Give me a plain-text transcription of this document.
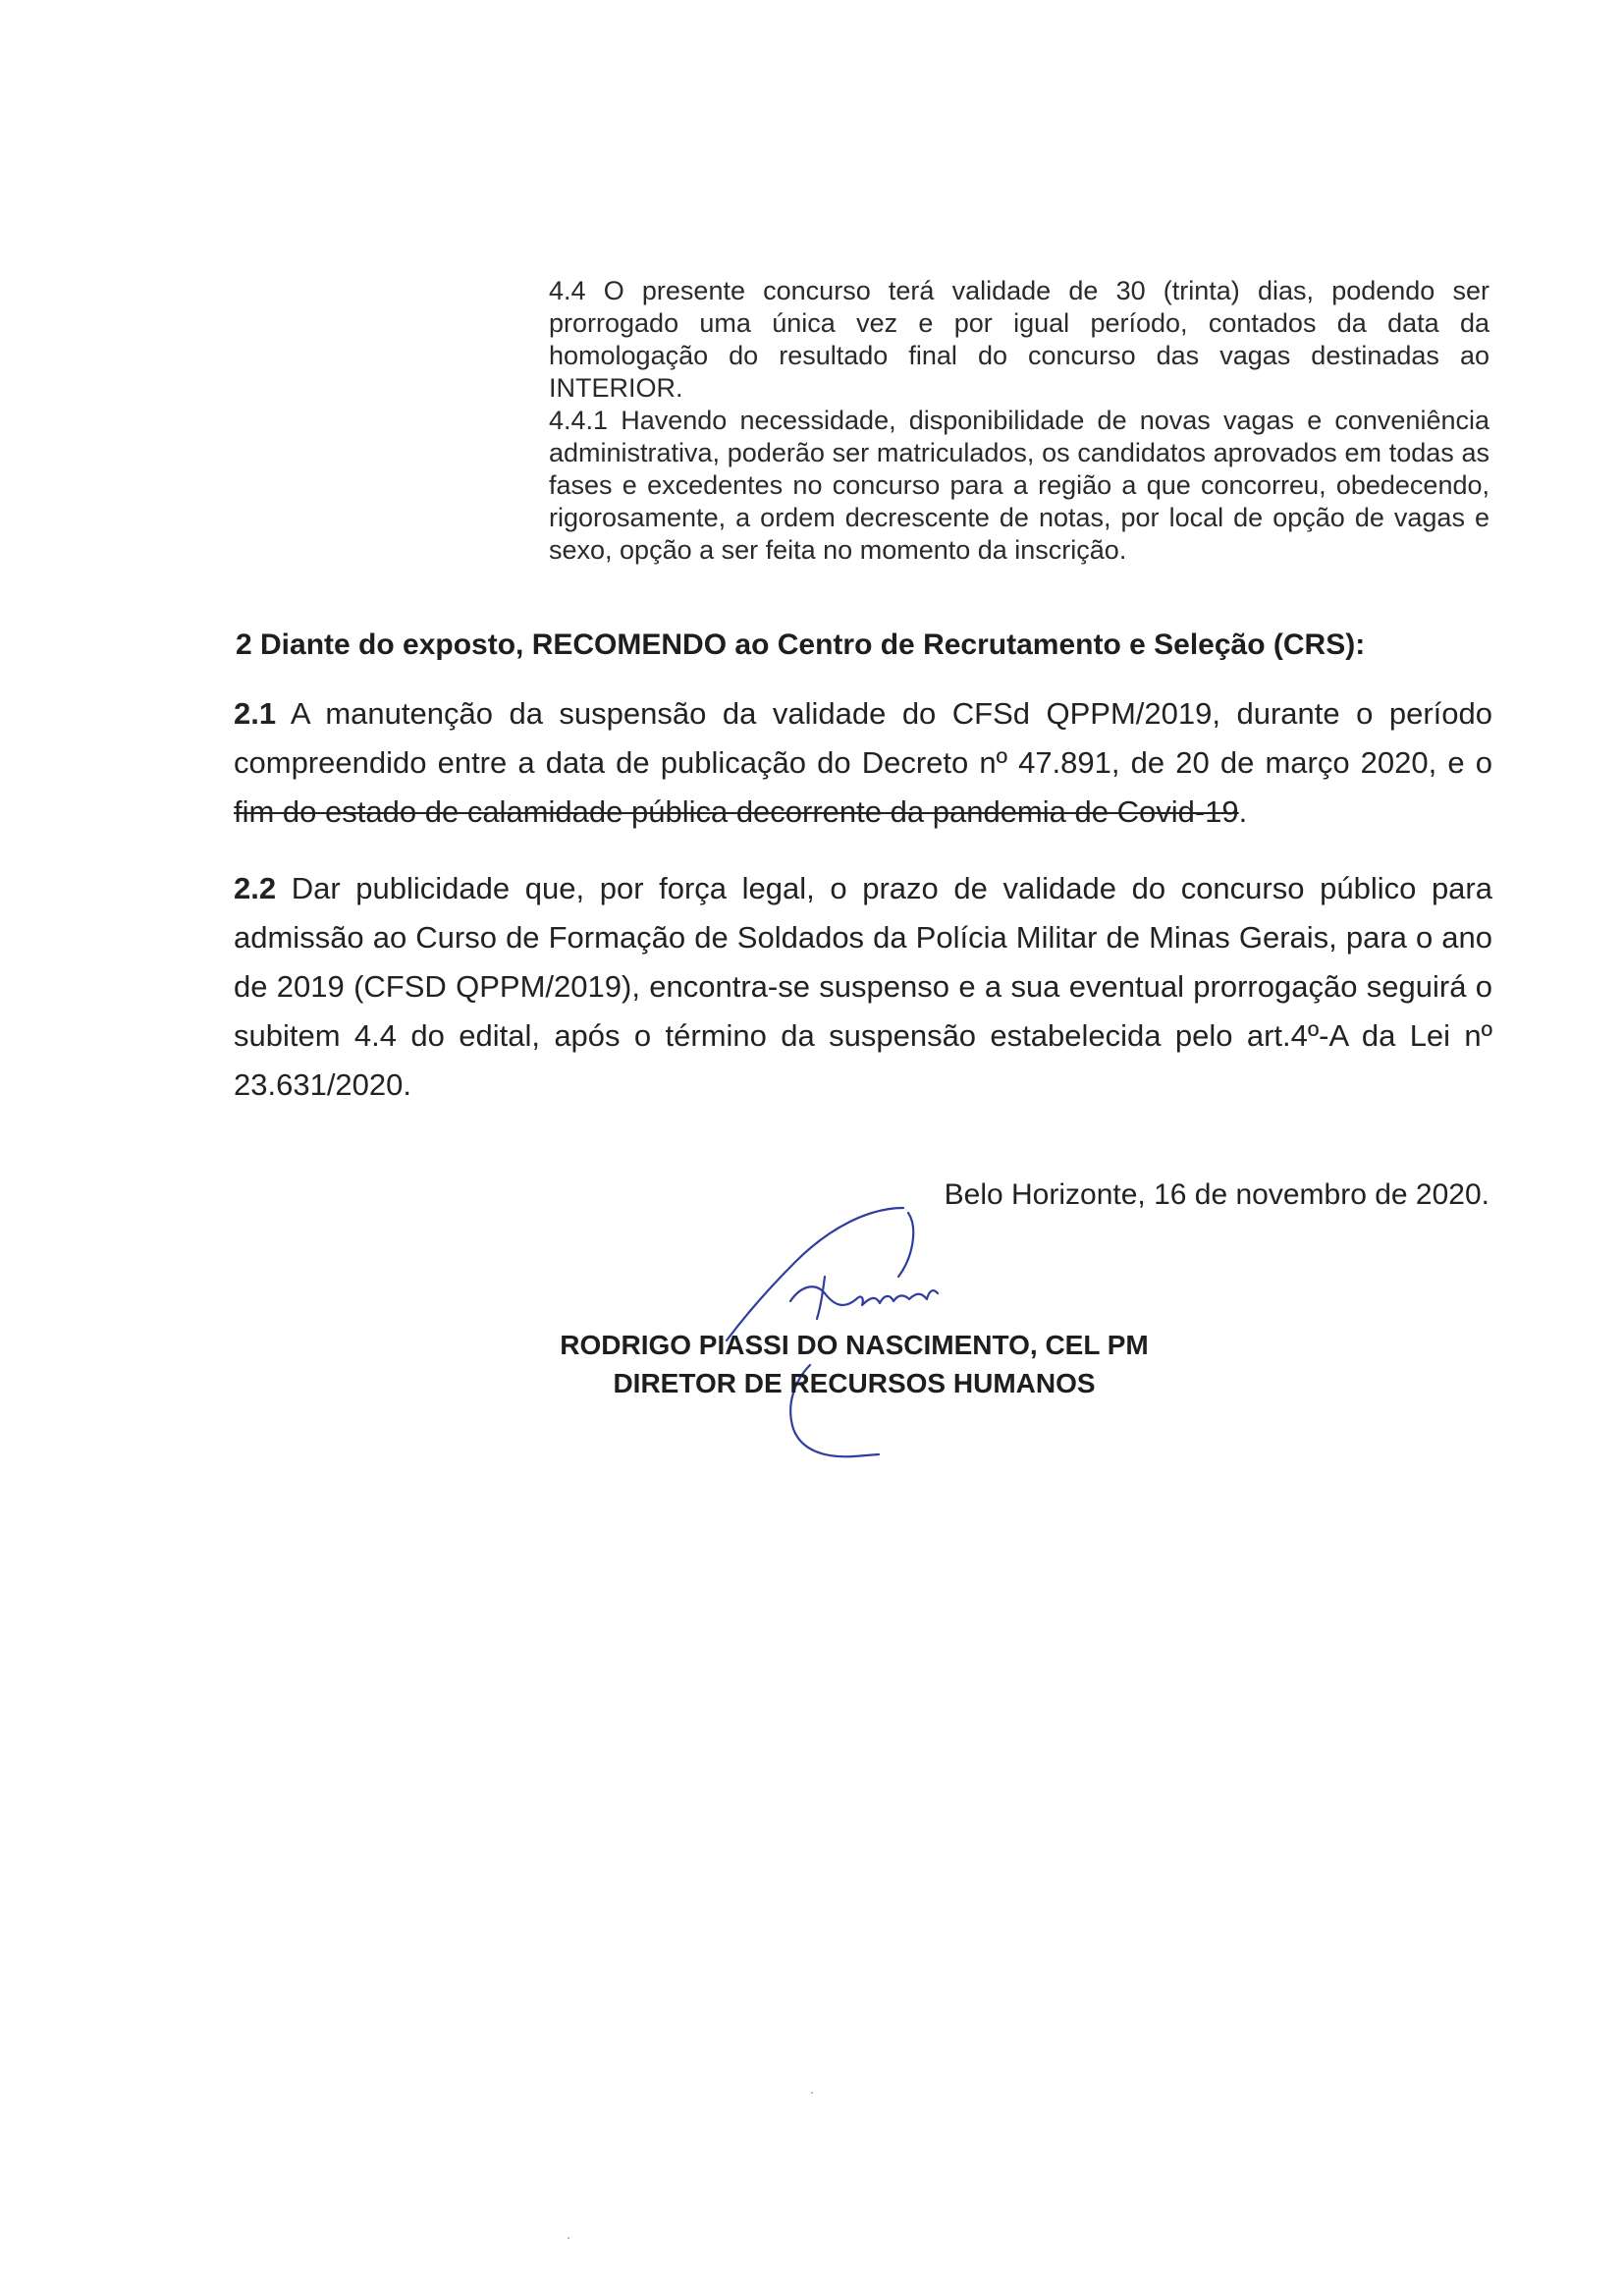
4.4 O presente concurso terá validade de 30 (trinta) dias, podendo ser prorrogado uma única vez e por igual período, contados da data da homologação do resultado final do concurso das vagas destinadas ao INTERIOR.

4.4.1 Havendo necessidade, disponibilidade de novas vagas e conveniência administrativa, poderão ser matriculados, os candidatos aprovados em todas as fases e excedentes no concurso para a região a que concorreu, obedecendo, rigorosamente, a ordem decrescente de notas, por local de opção de vagas e sexo, opção a ser feita no momento da inscrição.

2 Diante do exposto, RECOMENDO ao Centro de Recrutamento e Seleção (CRS):

2.1 A manutenção da suspensão da validade do CFSd QPPM/2019, durante o período compreendido entre a data de publicação do Decreto nº 47.891, de 20 de março 2020, e o fim do estado de calamidade pública decorrente da pandemia de Covid-19.

2.2 Dar publicidade que, por força legal, o prazo de validade do concurso público para admissão ao Curso de Formação de Soldados da Polícia Militar de Minas Gerais, para o ano de 2019 (CFSD QPPM/2019), encontra-se suspenso e a sua eventual prorrogação seguirá o subitem 4.4 do edital, após o término da suspensão estabelecida pelo art.4º-A da Lei nº 23.631/2020.

Belo Horizonte, 16 de novembro de 2020.

RODRIGO PIASSI DO NASCIMENTO, CEL PM
DIRETOR DE RECURSOS HUMANOS
